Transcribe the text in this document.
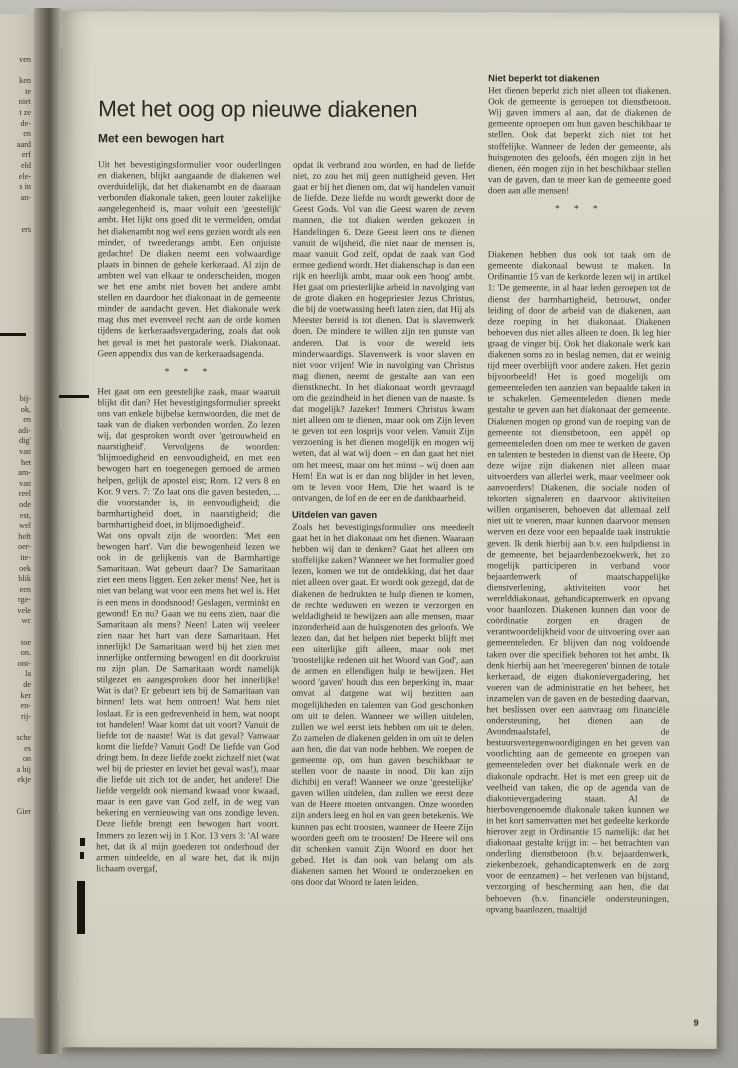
ven
ken
te
niet
t ze
de-
en
aard
erf
eld
ele-
s in
an-
ers
bij-
ok,
en
adi-
dig'
van
het
am-
van
reel
ode
est,
wel
heft
oer-
ite-
oek
blik
een
rge-
vele
wc
toe
on.
ont-
la
de
ker
en-
rij-
sche
es
on
a bij
ekje
Gier
Met het oog op nieuwe diakenen
Met een bewogen hart

Uit het bevestigingsformulier voor ouderlingen en diakenen, blijkt aangaande de diakenen wel overduidelijk, dat het diakenambt en de daaraan verbonden diakonale taken, geen louter zakelijke aangelegenheid is, maar voluit een 'geestelijk' ambt. Het lijkt ons goed dit te vermelden, omdat het diakenambt nog wel eens gezien wordt als een minder, of tweederangs ambt. Een onjuiste gedachte! De diaken neemt een volwaardige plaats in binnen de gehele kerkeraad. Al zijn de ambten wel van elkaar te onderscheiden, mogen we het ene ambt niet boven het andere ambt stellen en daardoor het diakonaat in de gemeente minder de aandacht geven. Het diakonale werk mag dus met evenveel recht aan de orde komen tijdens de kerkeraadsvergadering, zoals dat ook het geval is met het pastorale werk. Diakonaat. Geen appendix dus van de kerkeraadsagenda.

* * *

Het gaat om een geestelijke zaak, maar waaruit blijkt dit dan? Het bevestigingsformulier spreekt ons van enkele bijbelse kernwoorden, die met de taak van de diaken verbonden worden. Zo lezen wij, dat gesproken wordt over 'getrouwheid en naarstigheid'. Vervolgens de woorden: 'blijmoedigheid en eenvoudigheid, en met een bewogen hart en toegenegen gemoed de armen helpen, gelijk de apostel eist; Rom. 12 vers 8 en Kor. 9 vers. 7: 'Zo laat ons die gaven besteden, ... die voorstander is, in eenvoudigheid; die barmhartigheid doet, in naarstigheid; die barmhartigheid doet, in blijmoedigheid'.

Wat ons opvalt zijn de woorden: 'Met een bewogen hart'. Van die bewogenheid lezen we ook in de gelijkenis van de Barmhartige Samaritaan. Wat gebeurt daar? De Samaritaan ziet een mens liggen. Een zeker mens! Nee, het is niet van belang wat voor een mens het wel is. Het is een mens in doodsnood! Geslagen, verminkt en gewond! En nu? Gaan we nu eens zien, naar die Samaritaan als mens? Neen! Laten wij veeleer zien naar het hart van deze Samaritaan. Het innerlijk! De Samaritaan werd bij het zien met innerlijke ontferming bewogen! en dit doorkruist nu zijn plan. De Samaritaan wordt namelijk stilgezet en aangesproken door het innerlijke! Wat is dat? Er gebeurt iets bij de Samaritaan van binnen! Iets wat hem ontroert! Wat hem niet loslaat. Er is een gedrevenheid in hem, wat noopt tot handelen! Waar komt dat uit voort? Vanuit de liefde tot de naaste! Wat is dat geval? Vanwaar komt die liefde? Vanuit God! De liefde van God dringt hem. In deze liefde zoekt zichzelf niet (wat wel bij de priester en leviet het geval was!), maar die liefde uit zich tot de ander, het andere! Die liefde vergeldt ook niemand kwaad voor kwaad, maar is een gave van God zelf, in de weg van bekering en vernieuwing van ons zondige leven. Deze liefde brengt een bewogen hart voort. Immers zo lezen wij in 1 Kor. 13 vers 3: 'Al ware het, dat ik al mijn goederen tot onderhoud der armen uitdeelde, en al ware het, dat ik mijn lichaam overgaf,

opdat ik verbrand zou worden, en had de liefde niet, zo zou het mij geen nuttigheid geven. Het gaat er bij het dienen om, dat wij handelen vanuit de liefde. Deze liefde nu wordt gewerkt door de Geest Gods. Vol van die Geest waren de zeven mannen, die tot diaken werden gekozen in Handelingen 6. Deze Geest leert ons te dienen vanuit de wijsheid, die niet naar de mensen is, maar vanuit God zelf, opdat de zaak van God ermee gediend wordt. Het diakenschap is dan een rijk en heerlijk ambt, maar ook een 'hoog' ambt. Het gaat om priesterlijke arbeid in navolging van de grote diaken en hogepriester Jezus Christus, die bij de voetwassing heeft laten zien, dat Hij als Meester bereid is tot dienen. Dat is slavenwerk doen. De mindere te willen zijn ten gunste van anderen. Dat is voor de wereld iets minderwaardigs. Slavenwerk is voor slaven en niet voor vrijen! Wie in navolging van Christus mag dienen, neemt de gestalte aan van een dienstknecht. In het diakonaat wordt gevraagd om die gezindheid in het dienen van de naaste. Is dat mogelijk? Jazeker! Immers Christus kwam niet alleen om te dienen, maar ook om Zijn leven te geven tot een losprijs voor velen. Vanuit Zijn verzoening is het dienen mogelijk en mogen wij weten, dat al wat wij doen – en dan gaat het niet om het meest, maar om het minst – wij doen aan Hem! En wat is er dan nog blijder in het leven, om te leven voor Hem, Die het waard is te ontvangen, de lof en de eer en de dankbaarheid.

Uitdelen van gaven

Zoals het bevestigingsformulier ons meedeelt gaat het in het diakonaat om het dienen. Waaraan hebben wij dan te denken? Gaat het alleen om stoffelijke zaken? Wanneer we het formulier goed lezen, komen we tot de ontdekking, dat het daar niet alleen over gaat. Er wordt ook gezegd, dat de diakenen de bedrukten te hulp dienen te komen, de rechte weduwen en wezen te verzorgen en weldadigheid te bewijzen aan alle mensen, maar inzonderheid aan de huisgenoten des geloofs. We lezen dan, dat het helpen niet beperkt blijft met een uiterlijke gift alleen, maar ook met 'troostelijke redenen uit het Woord van God', aan de armen en ellendigen hulp te bewijzen. Het woord 'gaven' houdt dus een beperking in, maar omvat al datgene wat wij bezitten aan mogelijkheden en talenten van God geschonken om uit te delen. Wanneer we willen uitdelen, zullen we wel eerst iets hebben om uit te delen. Zo zamelen de diakenen gelden in om uit te delen aan hen, die dat van node hebben. We roepen de gemeente op, om hun gaven beschikbaar te stellen voor de naaste in nood. Dit kan zijn dichtbij en veraf! Wanneer we onze 'geestelijke' gaven willen uitdelen, dan zullen we eerst deze van de Heere moeten ontvangen. Onze woorden zijn anders leeg en hol en van geen betekenis. We kunnen pas echt troosten, wanneer de Heere Zijn woorden geeft om te troosten! De Heere wil ons dit schenken vanuit Zijn Woord en door het gebed. Het is dan ook van belang om als diakenen samen het Woord te onderzoeken en ons door dat Woord te laten leiden.

Niet beperkt tot diakenen

Het dienen beperkt zich niet alleen tot diakenen. Ook de gemeente is geroepen tot dienstbetoon. Wij gaven immers al aan, dat de diakenen de gemeente oproepen om hun gaven beschikbaar te stellen. Ook dat beperkt zich niet tot het stoffelijke. Wanneer de leden der gemeente, als huisgenoten des geloofs, één mogen zijn in het dienen, één mogen zijn in het beschikbaar stellen van de gaven, dan te meer kan de gemeente goed doen aan alle mensen!

* * *

Diakenen hebben dus ook tot taak om de gemeente diakonaal bewust te maken. In Ordinantie 15 van de kerkorde lezen wij in artikel 1: 'De gemeente, in al haar leden geroepen tot de dienst der barmhartigheid, betrouwt, onder leiding of door de arbeid van de diakenen, aan deze roeping in het diakonaat. Diakenen behoeven dus niet alles alleen te doen. Ik leg hier graag de vinger bij. Ook het diakonale werk kan diakenen soms zo in beslag nemen, dat er weinig tijd meer overblijft voor andere zaken. Het gezin bijvoorbeeld! Het is goed mogelijk om gemeenteleden ten aanzien van bepaalde taken in te schakelen. Gemeenteleden dienen mede gestalte te geven aan het diakonaat der gemeente. Diakenen mogen op grond van de roeping van de gemeente tot dienstbetoon, een appèl op gemeenteleden doen om mee te werken de gaven en talenten te besteden in dienst van de Heere. Op deze wijze zijn diakenen niet alleen maar uitvoerders van allerlei werk, maar veelmeer ook aanvoerders! Diakenen, die sociale noden of tekorten signaleren en daarvoor aktiviteiten willen organiseren, behoeven dat allemaal zelf niet uit te voeren, maar kunnen daarvoor mensen werven en deze voor een bepaalde taak instruktie geven. Ik denk hierbij aan b.v. een hulpdienst in de gemeente, het bejaardenbezoekwerk, het zo mogelijk participeren in verband voor bejaardenwerk of maatschappelijke dienstverlening, aktiviteiten voor het werelddiakonaat, gehandicaptenwerk en opvang voor baanlozen. Diakenen kunnen dan voor de coördinatie zorgen en dragen de verantwoordelijkheid voor de uitvoering over aan gemeenteleden. Er blijven dan nog voldoende taken over die specifiek behoren tot het ambt. Ik denk hierbij aan het 'meeregeren' binnen de totale kerkeraad, de eigen diakonievergadering, het voeren van de administratie en het beheer, het inzamelen van de gaven en de besteding daarvan, het beslissen over een aanvraag om financiële ondersteuning, het dienen aan de Avondmaalstafel, de bestuursvertegenwoordigingen en het geven van voorlichting aan de gemeente en groepen van gemeenteleden over het diakonale werk en de diakonale opdracht. Het is met een greep uit de veelheid van taken, die op de agenda van de diakonievergadering staan. Al de hierbovengenoemde diakonale taken kunnen we in het kort samenvatten met het gedeelte kerkorde hierover zegt in Ordinantie 15 namelijk: dat het diakonaat gestalte krijgt in: – het betrachten van onderling dienstbetoon (b.v. bejaardenwerk, ziekenbezoek, gehandicaptenwerk en de zorg voor de eenzamen) – het verlenen van bijstand, verzorging of bescherming aan hen, die dat behoeven (b.v. financiële ondersteuningen, opvang baanlozen, maaltijd

9
